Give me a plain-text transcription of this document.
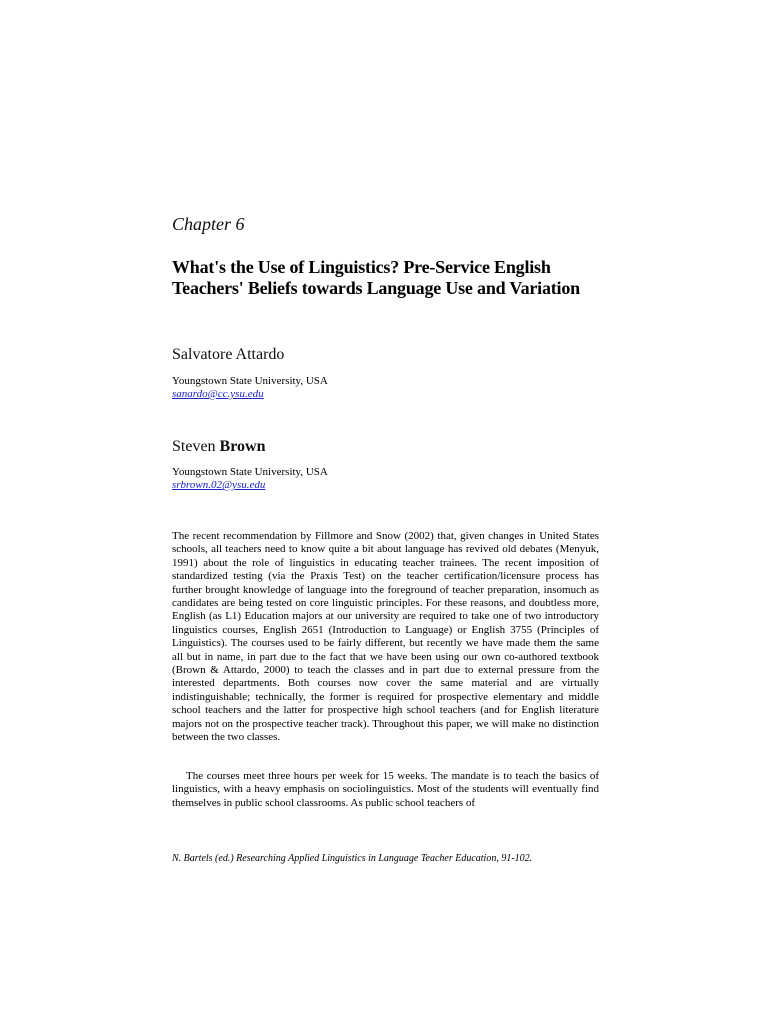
Chapter 6
What's the Use of Linguistics? Pre-Service English Teachers' Beliefs towards Language Use and Variation
Salvatore Attardo
Youngstown State University, USA
sanardo@cc.ysu.edu
Steven Brown
Youngstown State University, USA
srbrown.02@ysu.edu

The recent recommendation by Fillmore and Snow (2002) that, given changes in United States schools, all teachers need to know quite a bit about language has revived old debates (Menyuk, 1991) about the role of linguistics in educating teacher trainees. The recent imposition of standardized testing (via the Praxis Test) on the teacher certification/licensure process has further brought knowledge of language into the foreground of teacher preparation, insomuch as candidates are being tested on core linguistic principles. For these reasons, and doubtless more, English (as L1) Education majors at our university are required to take one of two introductory linguistics courses, English 2651 (Introduction to Language) or English 3755 (Principles of Linguistics). The courses used to be fairly different, but recently we have made them the same all but in name, in part due to the fact that we have been using our own co-authored textbook (Brown & Attardo, 2000) to teach the classes and in part due to external pressure from the interested departments. Both courses now cover the same material and are virtually indistinguishable; technically, the former is required for prospective elementary and middle school teachers and the latter for prospective high school teachers (and for English literature majors not on the prospective teacher track). Throughout this paper, we will make no distinction between the two classes.

The courses meet three hours per week for 15 weeks. The mandate is to teach the basics of linguistics, with a heavy emphasis on sociolinguistics. Most of the students will eventually find themselves in public school classrooms. As public school teachers of

N. Bartels (ed.) Researching Applied Linguistics in Language Teacher Education, 91-102.
